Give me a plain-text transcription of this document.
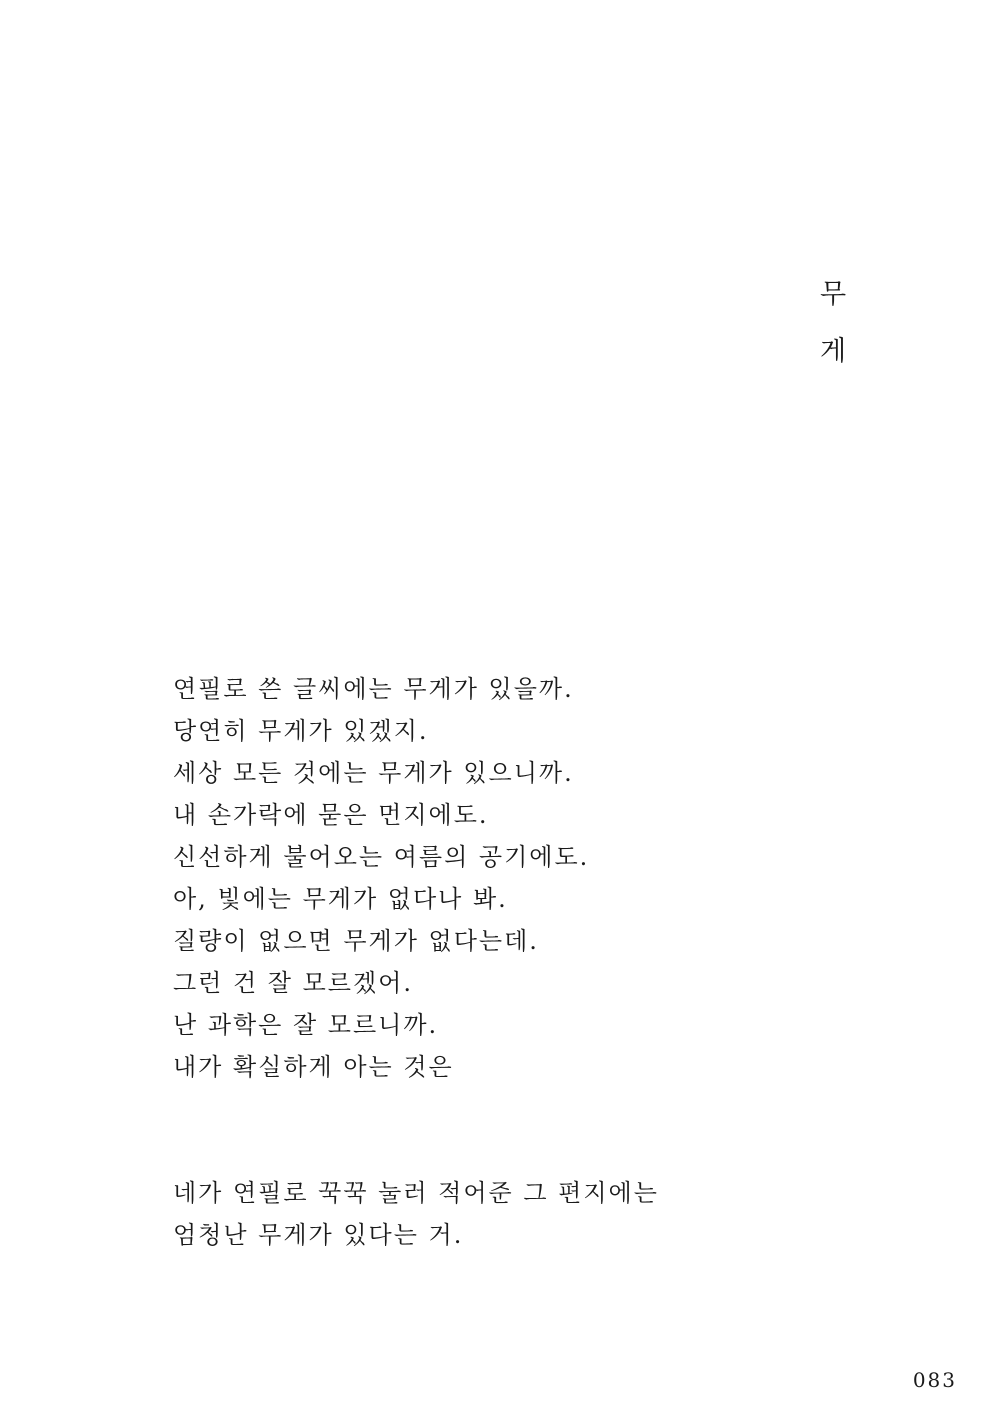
무
게
연필로 쓴 글씨에는 무게가 있을까.
당연히 무게가 있겠지.
세상 모든 것에는 무게가 있으니까.
내 손가락에 묻은 먼지에도.
신선하게 불어오는 여름의 공기에도.
아, 빛에는 무게가 없다나 봐.
질량이 없으면 무게가 없다는데.
그런 건 잘 모르겠어.
난 과학은 잘 모르니까.
내가 확실하게 아는 것은
네가 연필로 꾹꾹 눌러 적어준 그 편지에는
엄청난 무게가 있다는 거.
083
